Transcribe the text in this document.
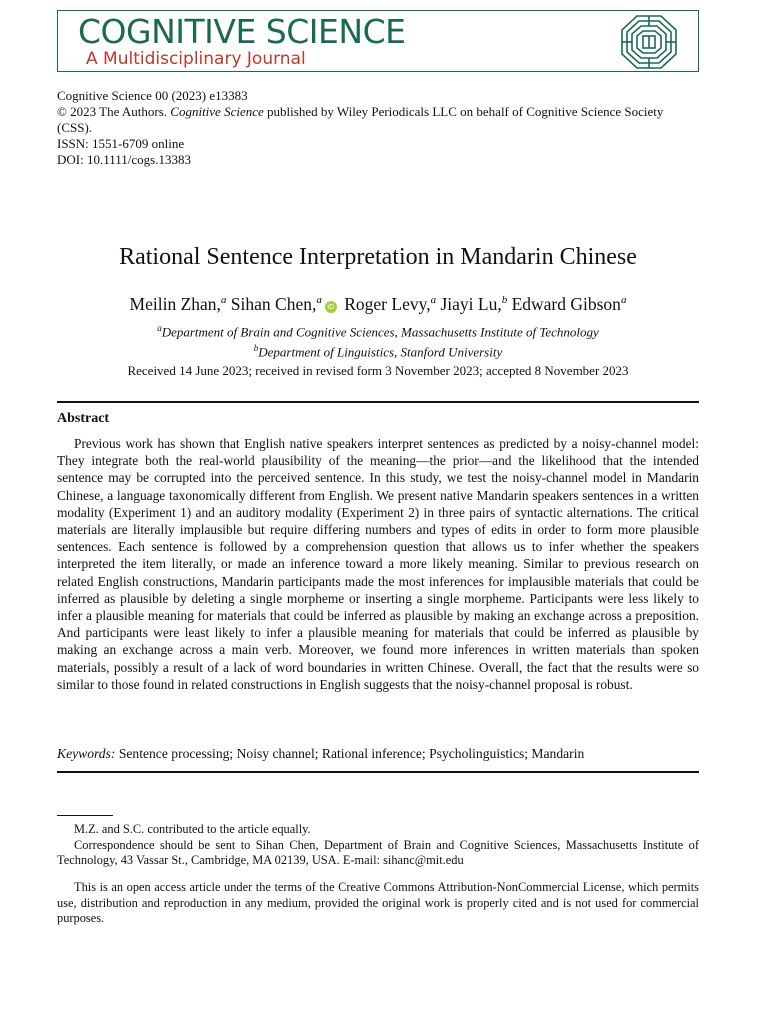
COGNITIVE SCIENCE
A Multidisciplinary Journal
Cognitive Science 00 (2023) e13383
© 2023 The Authors. Cognitive Science published by Wiley Periodicals LLC on behalf of Cognitive Science Society (CSS).
ISSN: 1551-6709 online
DOI: 10.1111/cogs.13383
Rational Sentence Interpretation in Mandarin Chinese
Meilin Zhan,$^a$ Sihan Chen,$^a$iD Roger Levy,$^a$ Jiayi Lu,$^b$ Edward Gibson$^a$
$^a$Department of Brain and Cognitive Sciences, Massachusetts Institute of Technology
$^b$Department of Linguistics, Stanford University
Received 14 June 2023; received in revised form 3 November 2023; accepted 8 November 2023
Abstract
Previous work has shown that English native speakers interpret sentences as predicted by a noisy-channel model: They integrate both the real-world plausibility of the meaning—the prior—and the likelihood that the intended sentence may be corrupted into the perceived sentence. In this study, we test the noisy-channel model in Mandarin Chinese, a language taxonomically different from English. We present native Mandarin speakers sentences in a written modality (Experiment 1) and an auditory modality (Experiment 2) in three pairs of syntactic alternations. The critical materials are literally implausible but require differing numbers and types of edits in order to form more plausible sentences. Each sentence is followed by a comprehension question that allows us to infer whether the speakers interpreted the item literally, or made an inference toward a more likely meaning. Similar to previous research on related English constructions, Mandarin participants made the most inferences for implausible materials that could be inferred as plausible by deleting a single morpheme or inserting a single morpheme. Participants were less likely to infer a plausible meaning for materials that could be inferred as plausible by making an exchange across a preposition. And participants were least likely to infer a plausible meaning for materials that could be inferred as plausible by making an exchange across a main verb. Moreover, we found more inferences in written materials than spoken materials, possibly a result of a lack of word boundaries in written Chinese. Overall, the fact that the results were so similar to those found in related constructions in English suggests that the noisy-channel proposal is robust.
Keywords: Sentence processing; Noisy channel; Rational inference; Psycholinguistics; Mandarin

M.Z. and S.C. contributed to the article equally.

Correspondence should be sent to Sihan Chen, Department of Brain and Cognitive Sciences, Massachusetts Institute of Technology, 43 Vassar St., Cambridge, MA 02139, USA. E-mail: sihanc@mit.edu

This is an open access article under the terms of the Creative Commons Attribution-NonCommercial License, which permits use, distribution and reproduction in any medium, provided the original work is properly cited and is not used for commercial purposes.
